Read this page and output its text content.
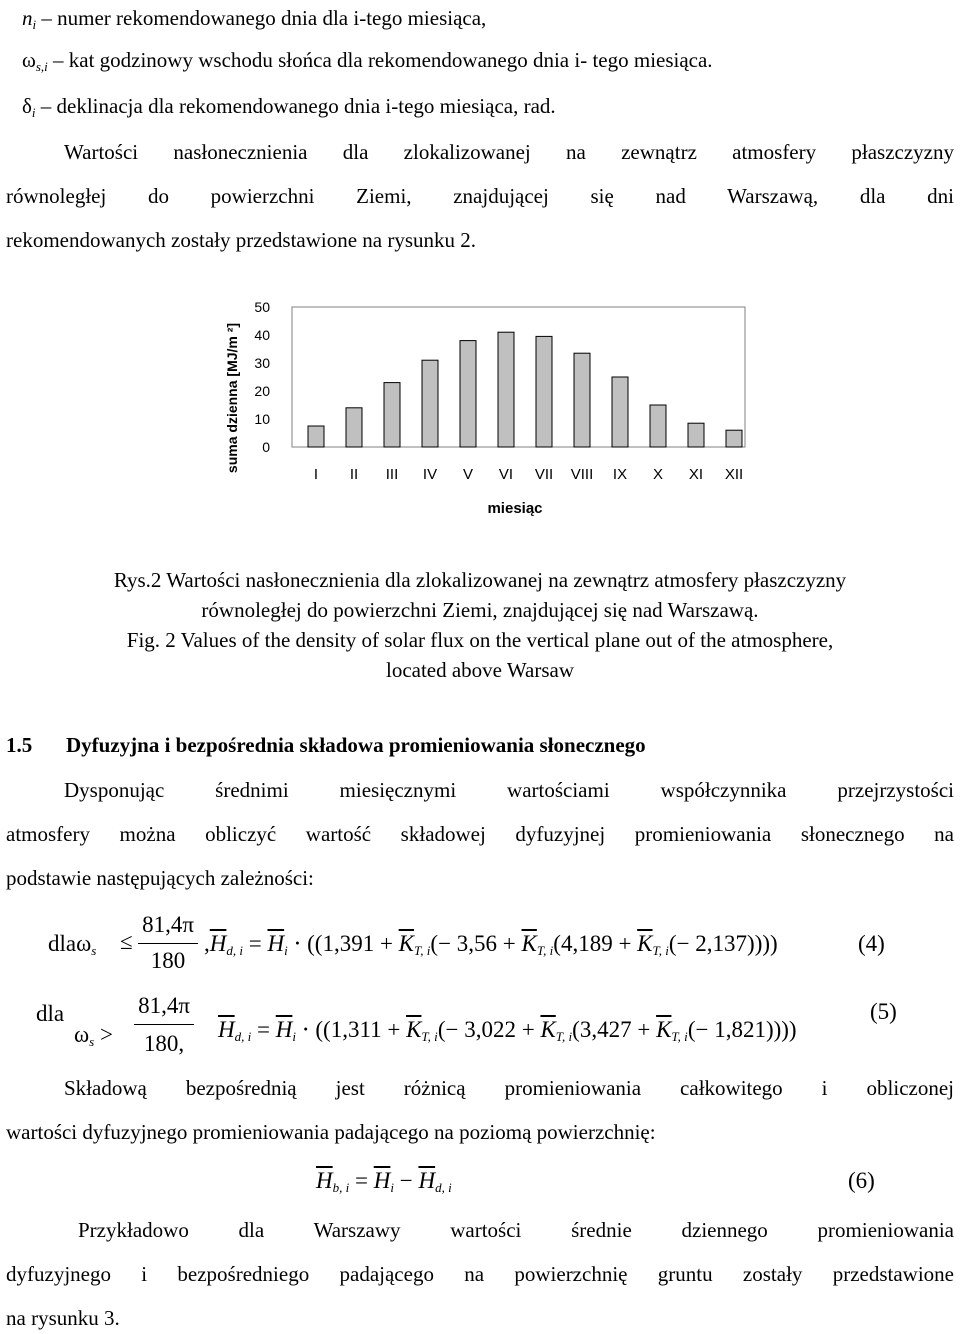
$n_i$ – numer rekomendowanego dnia dla i-tego miesiąca,
$\omega_{s,i}$ – kat godzinowy wschodu słońca dla rekomendowanego dnia i- tego miesiąca.
$\delta_i$ – deklinacja dla rekomendowanego dnia i-tego miesiąca, rad.
Wartości nasłonecznienia dla zlokalizowanej na zewnątrz atmosfery płaszczyzny
równoległej do powierzchni Ziemi, znajdującej się nad Warszawą, dla dni
rekomendowanych zostały przedstawione na rysunku 2.
suma dzienna [MJ/m ²]
50
40
30
20
10
0
I II III IV V VI VII VIII IX X XI XII
miesiąc
Rys.2 Wartości nasłonecznienia dla zlokalizowanej na zewnątrz atmosfery płaszczyzny
równoległej do powierzchni Ziemi, znajdującej się nad Warszawą.
Fig. 2 Values of the density of solar flux on the vertical plane out of the atmosphere,
located above Warsaw
1.5 Dyfuzyjna i bezpośrednia składowa promieniowania słonecznego
Dysponując średnimi miesięcznymi wartościami współczynnika przejrzystości
atmosfery można obliczyć wartość składowej dyfuzyjnej promieniowania słonecznego na
podstawie następujących zależności:
dlaω$_s$ ≤
81,4π
180
$,\overline{H}_{d, i} = \overline{H}_i \cdot ((1,391 + \overline{K}_{T, i}(- 3,56 + \overline{K}_{T, i}(4,189 + \overline{K}_{T, i}(- 2,137))))$	(4)
dla
$\omega_s$ >
81,4π
180,
$\overline{H}_{d, i} = \overline{H}_i \cdot ((1,311 + \overline{K}_{T, i}(- 3,022 + \overline{K}_{T, i}(3,427 + \overline{K}_{T, i}(- 1,821))))$
(5)
Składową bezpośrednią jest różnicą promieniowania całkowitego i obliczonej
wartości dyfuzyjnego promieniowania padającego na poziomą powierzchnię:
$\overline{H}_{b, i} = \overline{H}_i - \overline{H}_{d, i}$	(6)
Przykładowo dla Warszawy wartości średnie dziennego promieniowania
dyfuzyjnego i bezpośredniego padającego na powierzchnię gruntu zostały przedstawione
na rysunku 3.
